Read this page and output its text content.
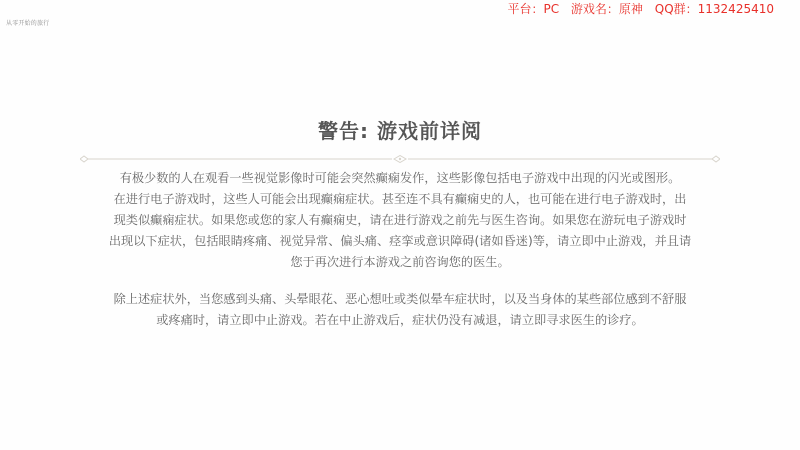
从零开始的旅行
平台：PC 游戏名：原神 QQ群：1132425410
警告: 游戏前详阅
有极少数的人在观看一些视觉影像时可能会突然癫痫发作，这些影像包括电子游戏中出现的闪光或图形。
在进行电子游戏时，这些人可能会出现癫痫症状。甚至连不具有癫痫史的人，也可能在进行电子游戏时，出
现类似癫痫症状。如果您或您的家人有癫痫史，请在进行游戏之前先与医生咨询。如果您在游玩电子游戏时
出现以下症状，包括眼睛疼痛、视觉异常、偏头痛、痉挛或意识障碍(诸如昏迷)等，请立即中止游戏，并且请
您于再次进行本游戏之前咨询您的医生。
除上述症状外，当您感到头痛、头晕眼花、恶心想吐或类似晕车症状时，以及当身体的某些部位感到不舒服
或疼痛时，请立即中止游戏。若在中止游戏后，症状仍没有减退，请立即寻求医生的诊疗。
